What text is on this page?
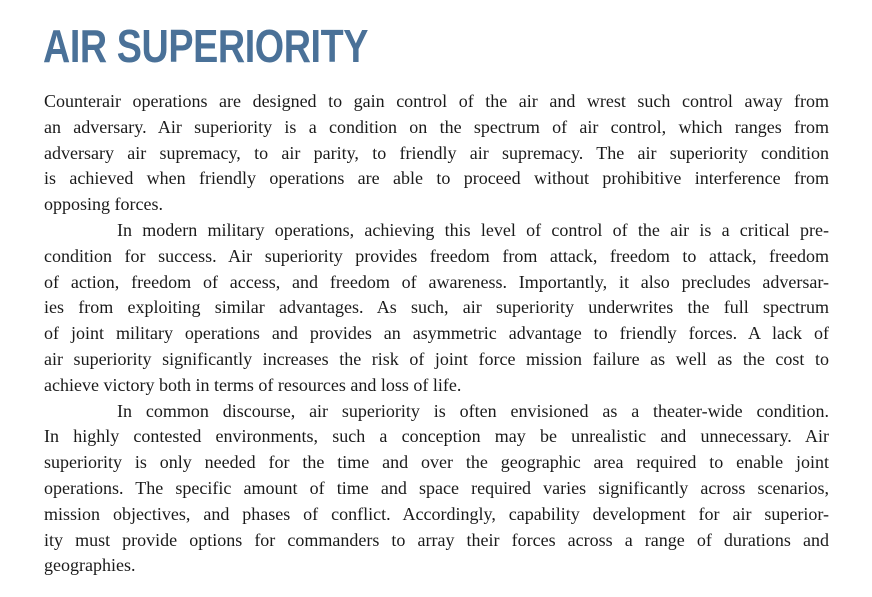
AIR SUPERIORITY
Counterair operations are designed to gain control of the air and wrest such control away from
an adversary. Air superiority is a condition on the spectrum of air control, which ranges from
adversary air supremacy, to air parity, to friendly air supremacy. The air superiority condition
is achieved when friendly operations are able to proceed without prohibitive interference from
opposing forces.
In modern military operations, achieving this level of control of the air is a critical pre-
condition for success. Air superiority provides freedom from attack, freedom to attack, freedom
of action, freedom of access, and freedom of awareness. Importantly, it also precludes adversar-
ies from exploiting similar advantages. As such, air superiority underwrites the full spectrum
of joint military operations and provides an asymmetric advantage to friendly forces. A lack of
air superiority significantly increases the risk of joint force mission failure as well as the cost to
achieve victory both in terms of resources and loss of life.
In common discourse, air superiority is often envisioned as a theater-wide condition.
In highly contested environments, such a conception may be unrealistic and unnecessary. Air
superiority is only needed for the time and over the geographic area required to enable joint
operations. The specific amount of time and space required varies significantly across scenarios,
mission objectives, and phases of conflict. Accordingly, capability development for air superior-
ity must provide options for commanders to array their forces across a range of durations and
geographies.
